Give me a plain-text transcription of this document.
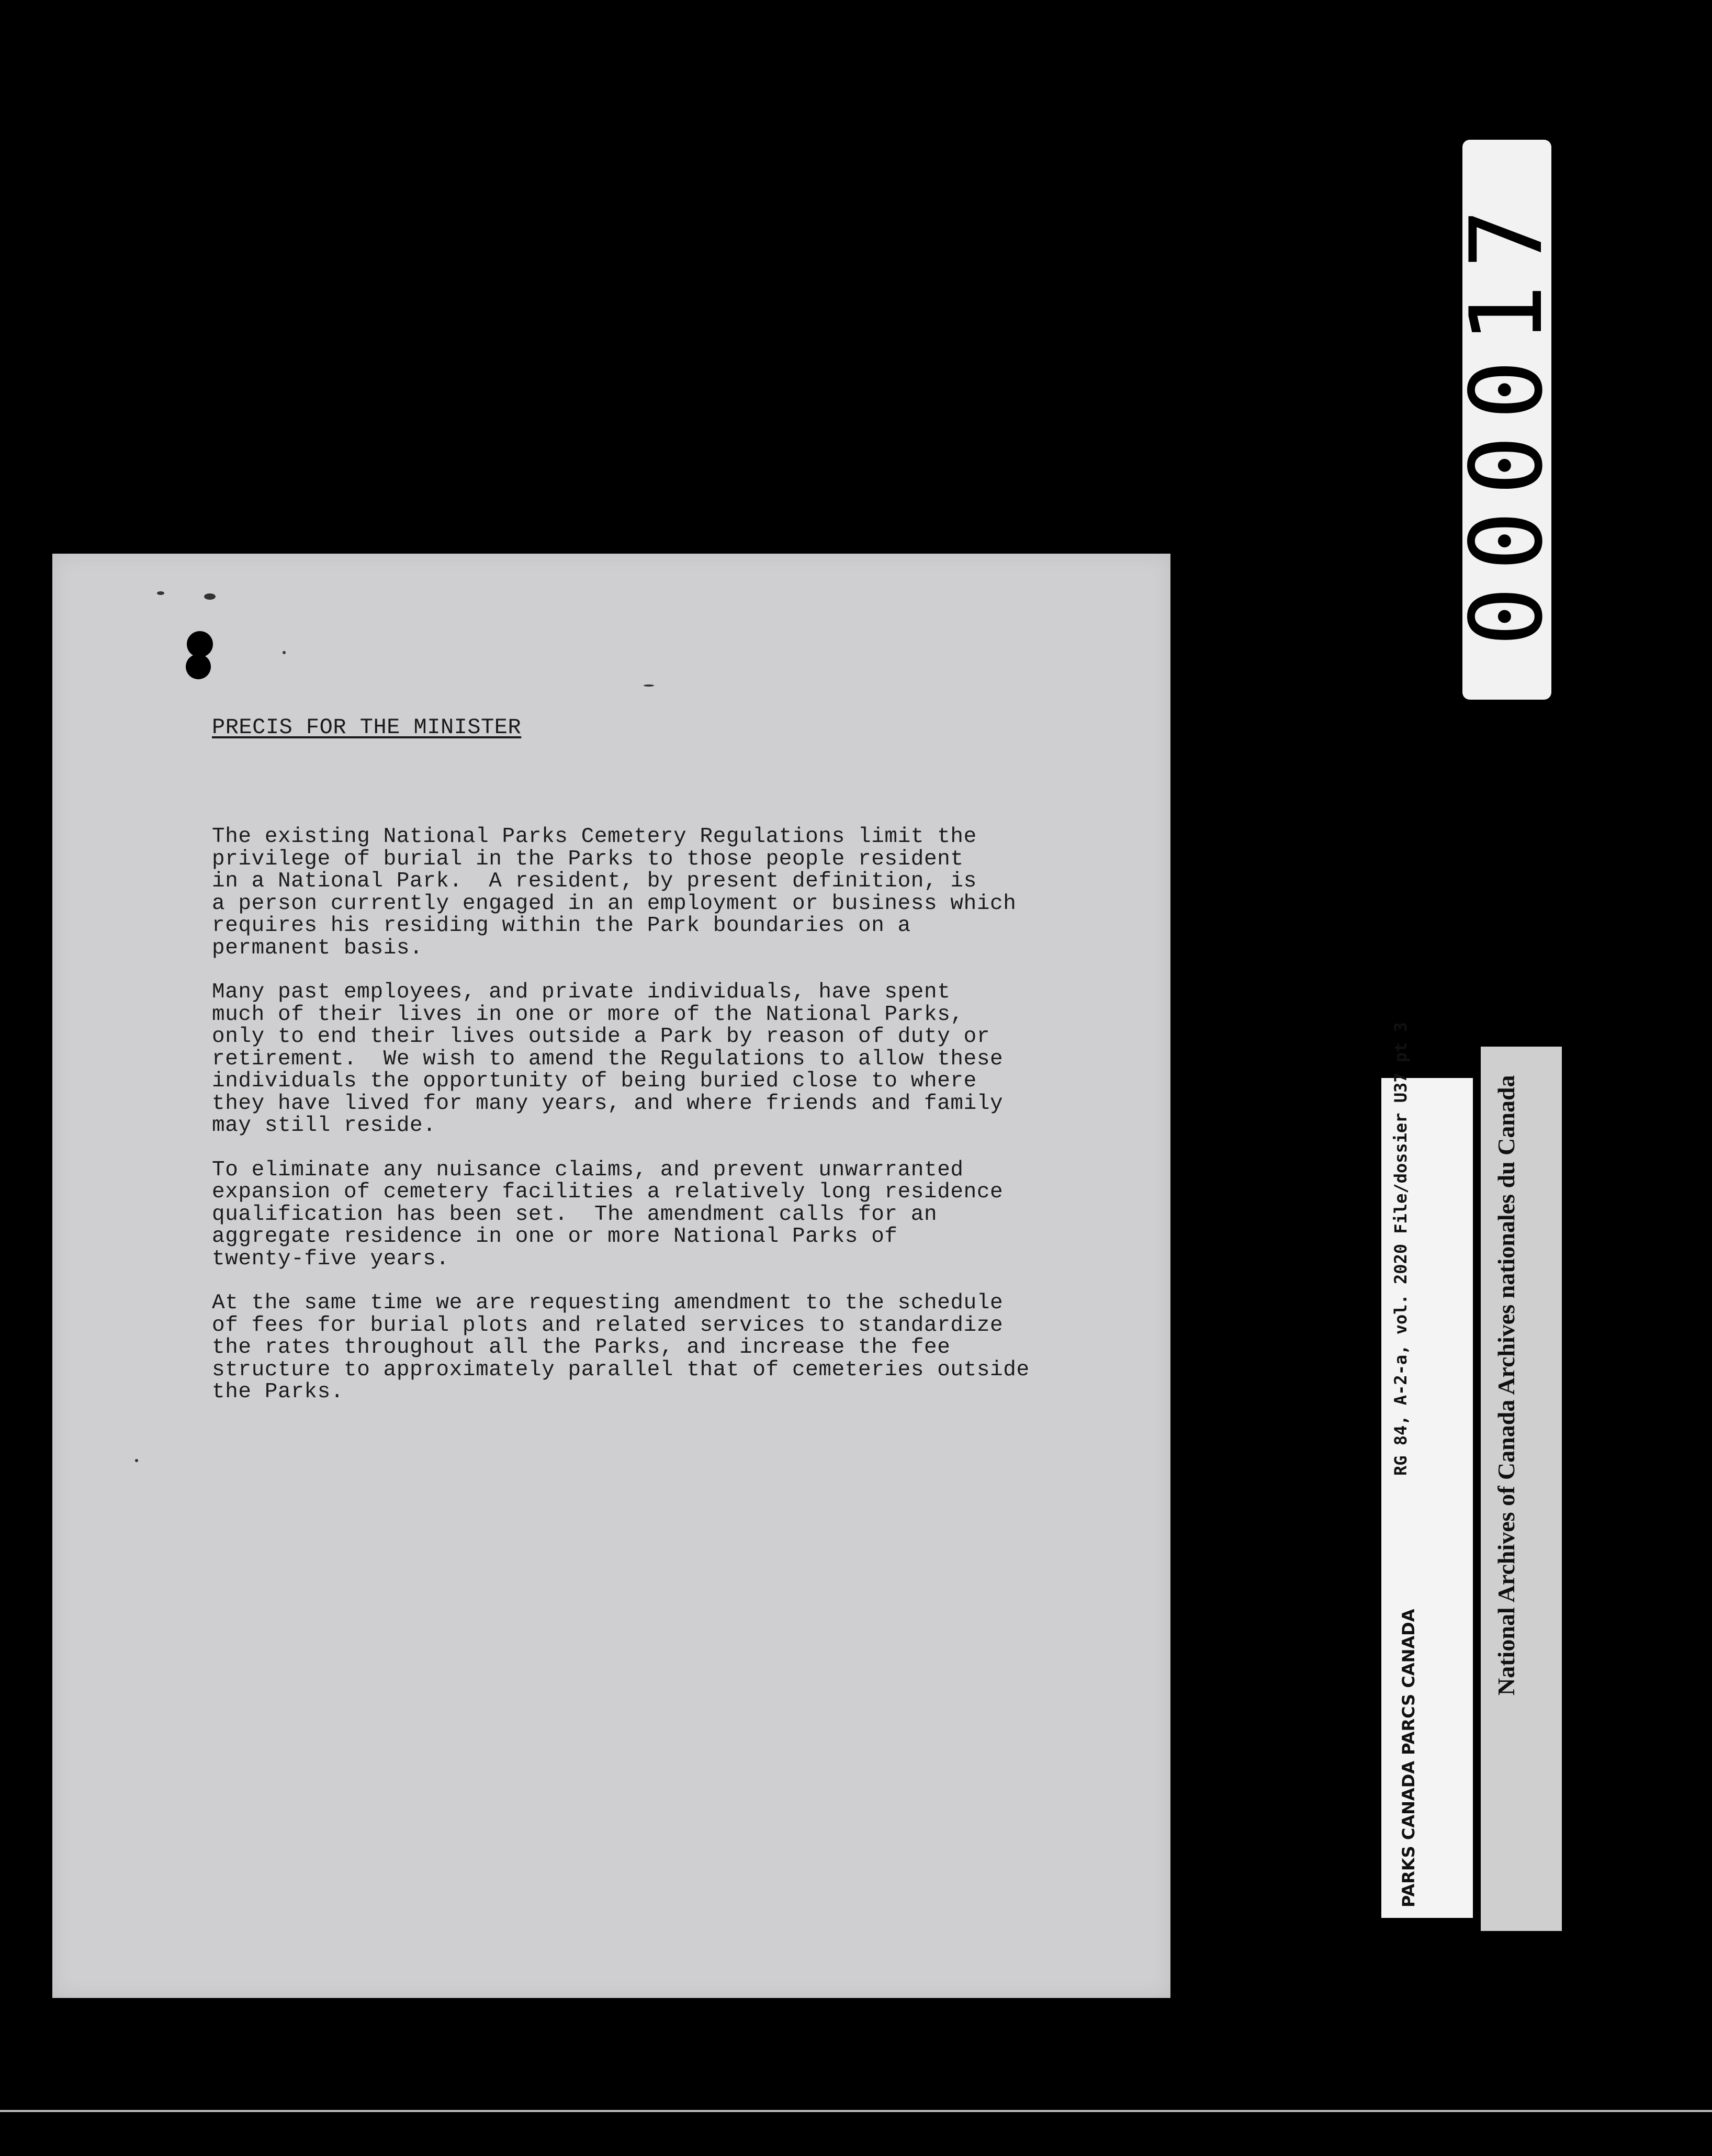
PRECIS FOR THE MINISTER

The existing National Parks Cemetery Regulations limit the
privilege of burial in the Parks to those people resident
in a National Park.  A resident, by present definition, is
a person currently engaged in an employment or business which
requires his residing within the Park boundaries on a
permanent basis.

Many past employees, and private individuals, have spent
much of their lives in one or more of the National Parks,
only to end their lives outside a Park by reason of duty or
retirement.  We wish to amend the Regulations to allow these
individuals the opportunity of being buried close to where
they have lived for many years, and where friends and family
may still reside.

To eliminate any nuisance claims, and prevent unwarranted
expansion of cemetery facilities a relatively long residence
qualification has been set.  The amendment calls for an
aggregate residence in one or more National Parks of
twenty-five years.

At the same time we are requesting amendment to the schedule
of fees for burial plots and related services to standardize
the rates throughout all the Parks, and increase the fee
structure to approximately parallel that of cemeteries outside
the Parks.

000017

RG 84, A-2-a, vol. 2020 File/dossier U37 pt 3

PARKS CANADA PARCS CANADA

National Archives of Canada Archives nationales du Canada
